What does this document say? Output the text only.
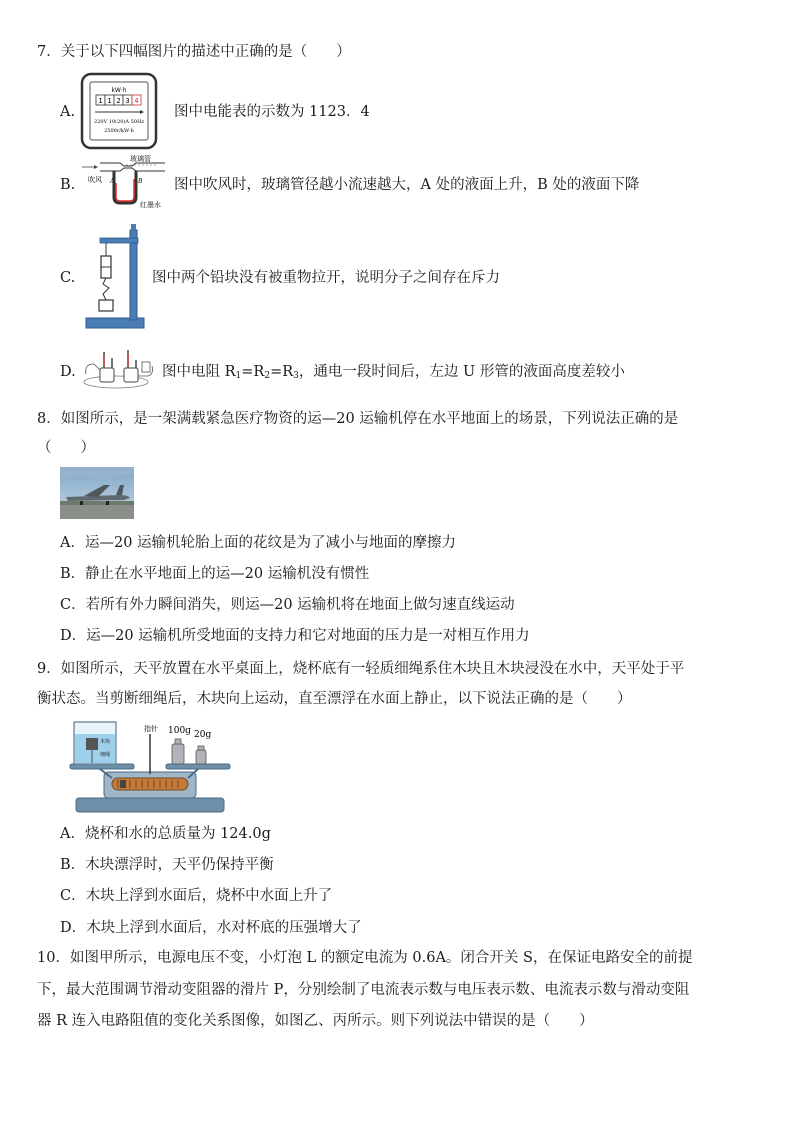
7．关于以下四幅图片的描述中正确的是（　　）
A.
kW·h
1 1 2 3 4
220V 10(20)A 50Hz
2500r/kW·h
图中电能表的示数为 1123．4
B. 吹风
玻璃管
A	B
红墨水
图中吹风时，玻璃管径越小流速越大，A 处的液面上升，B 处的液面下降
C.	图中两个铅块没有被重物拉开，说明分子之间存在斥力
D.	图中电阻 $R_1=R_2=R_3$，通电一段时间后，左边 U 形管的液面高度差较小
8．如图所示，是一架满载紧急医疗物资的运—20 运输机停在水平地面上的场景，下列说法正确的是
（　　）
A．运—20 运输机轮胎上面的花纹是为了减小与地面的摩擦力
B．静止在水平地面上的运—20 运输机没有惯性
C．若所有外力瞬间消失，则运—20 运输机将在地面上做匀速直线运动
D．运—20 运输机所受地面的支持力和它对地面的压力是一对相互作用力
9．如图所示，天平放置在水平桌面上，烧杯底有一轻质细绳系住木块且木块浸没在水中，天平处于平
衡状态。当剪断细绳后，木块向上运动，直至漂浮在水面上静止，以下说法正确的是（　　）
指针
木块
细绳
100g 20g
A．烧杯和水的总质量为 124.0g
B．木块漂浮时，天平仍保持平衡
C．木块上浮到水面后，烧杯中水面上升了
D．木块上浮到水面后，水对杯底的压强增大了
10．如图甲所示，电源电压不变，小灯泡 L 的额定电流为 0.6A。闭合开关 S，在保证电路安全的前提
下，最大范围调节滑动变阻器的滑片 P，分别绘制了电流表示数与电压表示数、电流表示数与滑动变阻
器 R 连入电路阻值的变化关系图像，如图乙、丙所示。则下列说法中错误的是（　　）
